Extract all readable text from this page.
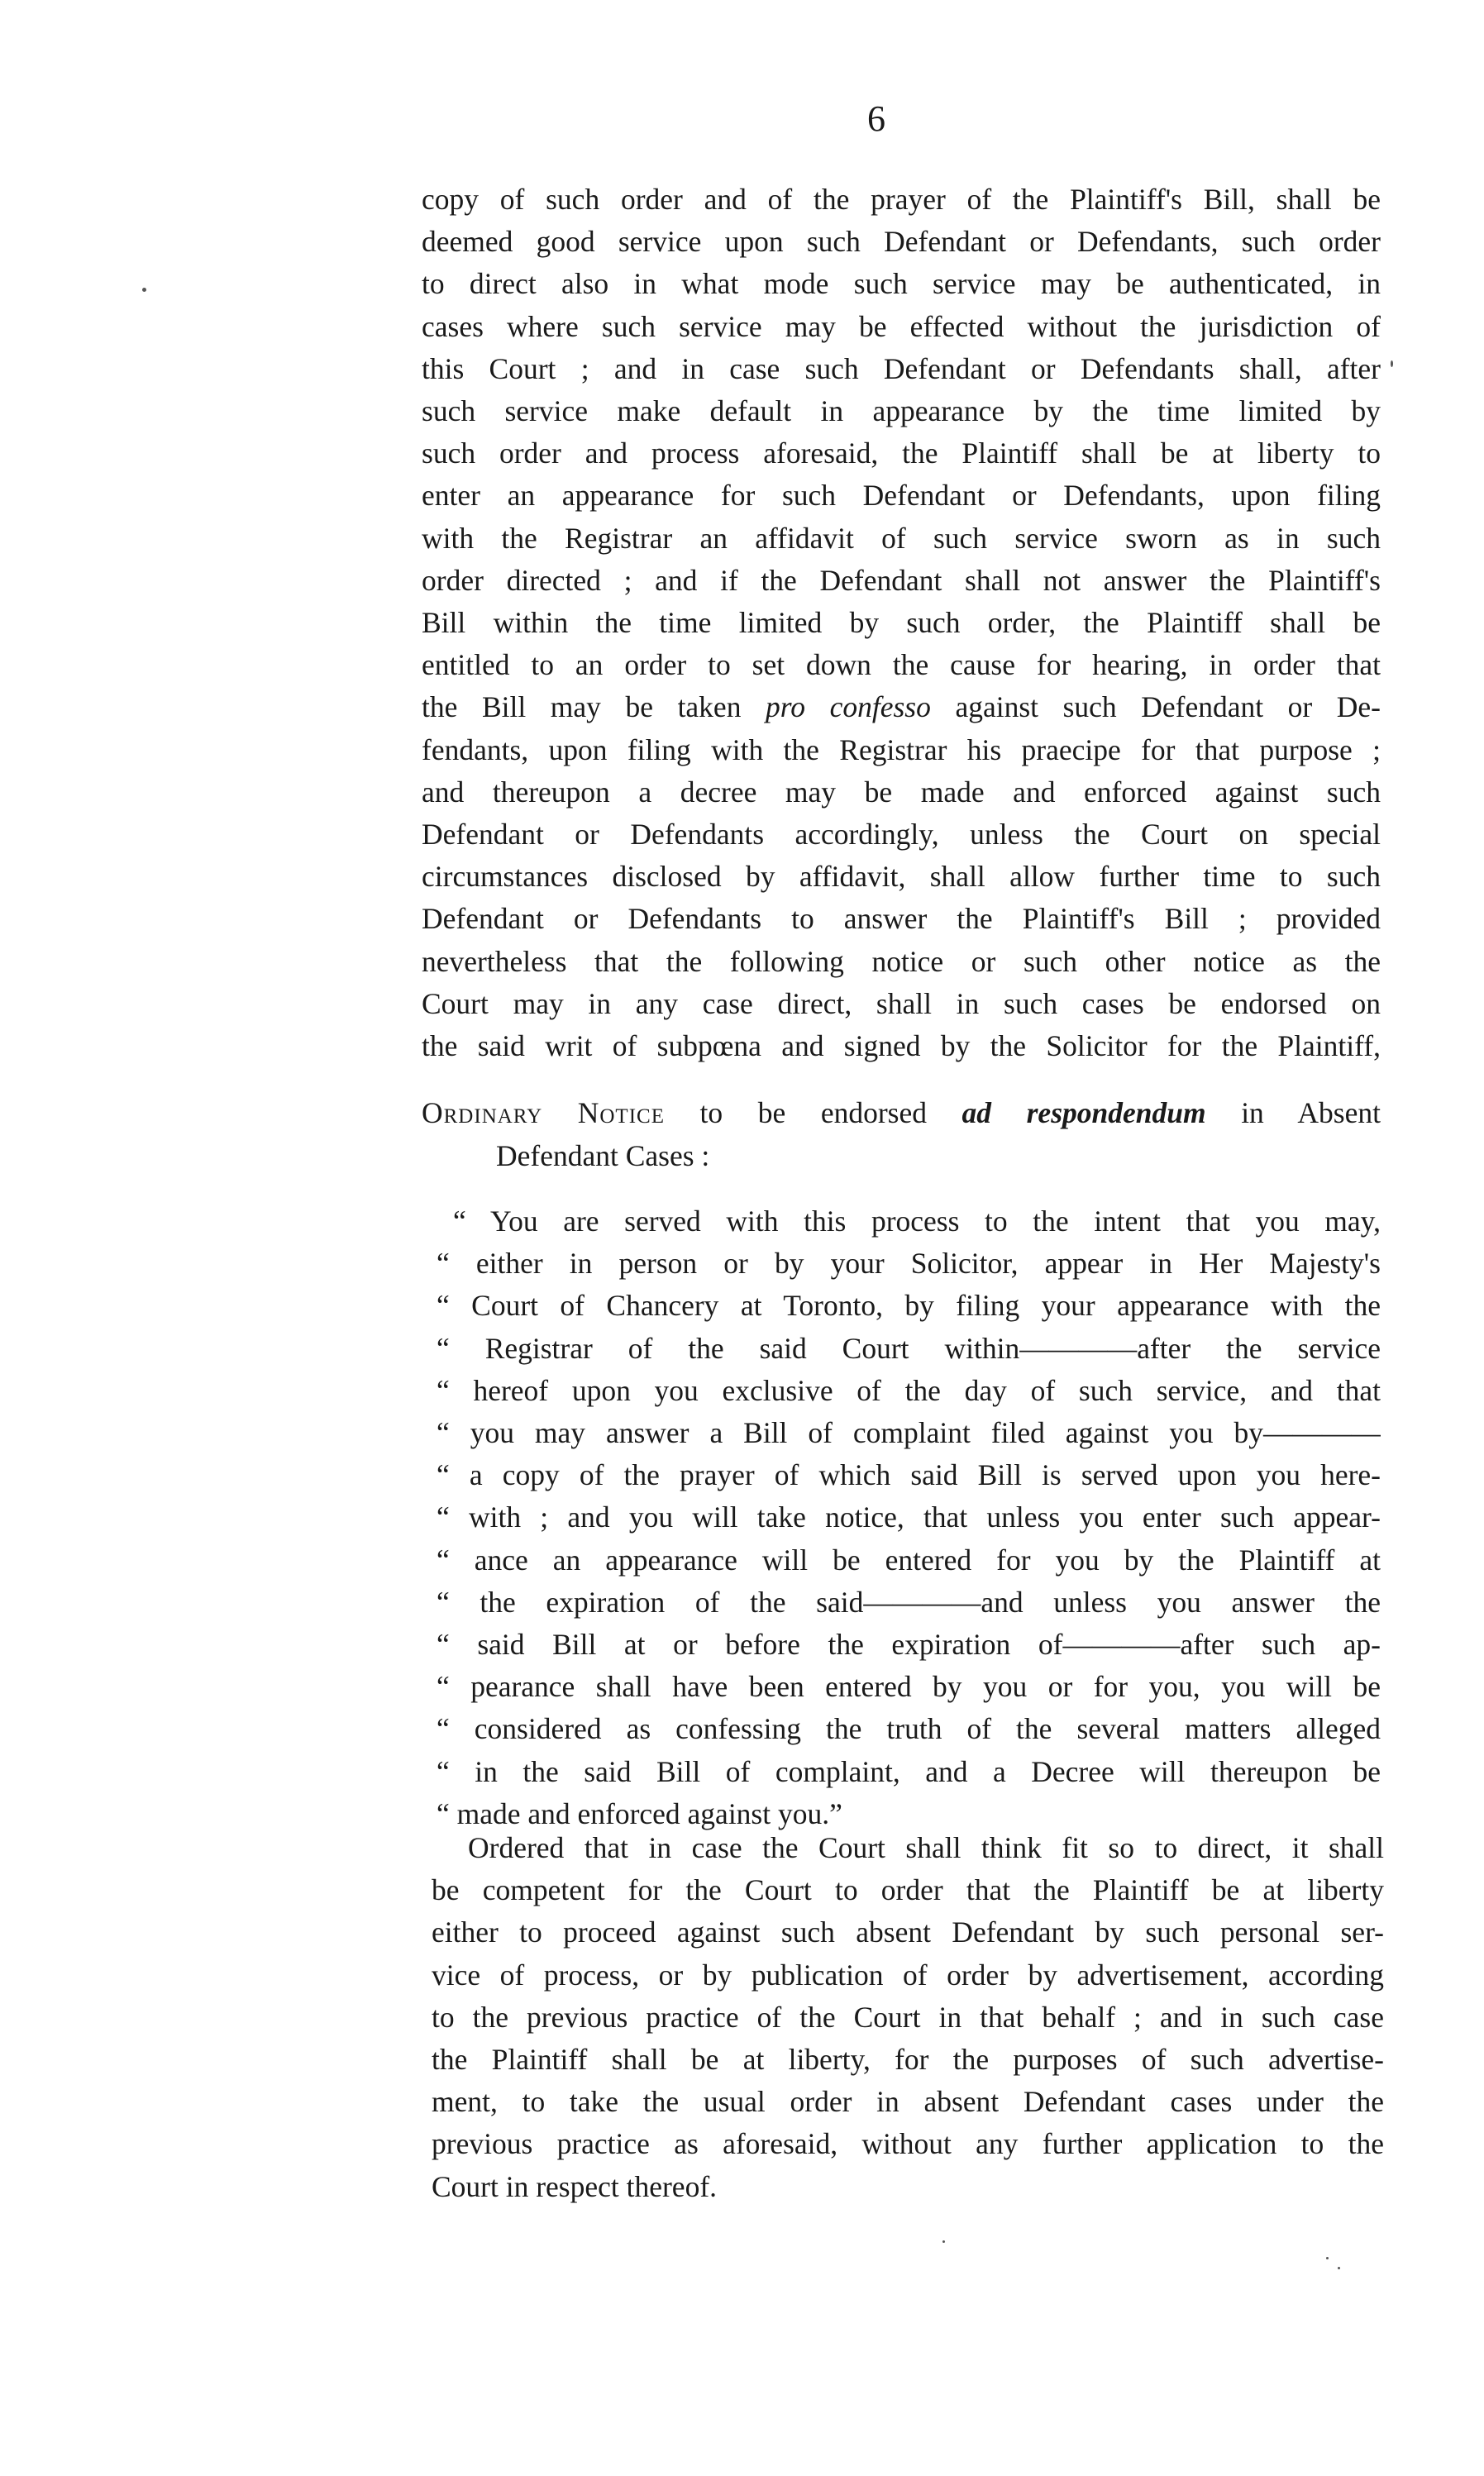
6
copy of such order and of the prayer of the Plaintiff's Bill, shall be
deemed good service upon such Defendant or Defendants, such order
to direct also in what mode such service may be authenticated, in
cases where such service may be effected without the jurisdiction of
this Court ; and in case such Defendant or Defendants shall, after
such service make default in appearance by the time limited by
such order and process aforesaid, the Plaintiff shall be at liberty to
enter an appearance for such Defendant or Defendants, upon filing
with the Registrar an affidavit of such service sworn as in such
order directed ; and if the Defendant shall not answer the Plaintiff's
Bill within the time limited by such order, the Plaintiff shall be
entitled to an order to set down the cause for hearing, in order that
the Bill may be taken pro confesso against such Defendant or De-
fendants, upon filing with the Registrar his praecipe for that purpose ;
and thereupon a decree may be made and enforced against such
Defendant or Defendants accordingly, unless the Court on special
circumstances disclosed by affidavit, shall allow further time to such
Defendant or Defendants to answer the Plaintiff's Bill ; provided
nevertheless that the following notice or such other notice as the
Court may in any case direct, shall in such cases be endorsed on
the said writ of subpœna and signed by the Solicitor for the Plaintiff,
Ordinary Notice to be endorsed ad respondendum in Absent
Defendant Cases :
“ You are served with this process to the intent that you may,
“ either in person or by your Solicitor, appear in Her Majesty's
“ Court of Chancery at Toronto, by filing your appearance with the
“ Registrar of the said Court within————after the service
“ hereof upon you exclusive of the day of such service, and that
“ you may answer a Bill of complaint filed against you by————
“ a copy of the prayer of which said Bill is served upon you here-
“ with ; and you will take notice, that unless you enter such appear-
“ ance an appearance will be entered for you by the Plaintiff at
“ the expiration of the said————and unless you answer the
“ said Bill at or before the expiration of————after such ap-
“ pearance shall have been entered by you or for you, you will be
“ considered as confessing the truth of the several matters alleged
“ in the said Bill of complaint, and a Decree will thereupon be
“ made and enforced against you.”
Ordered that in case the Court shall think fit so to direct, it shall
be competent for the Court to order that the Plaintiff be at liberty
either to proceed against such absent Defendant by such personal ser-
vice of process, or by publication of order by advertisement, according
to the previous practice of the Court in that behalf ; and in such case
the Plaintiff shall be at liberty, for the purposes of such advertise-
ment, to take the usual order in absent Defendant cases under the
previous practice as aforesaid, without any further application to the
Court in respect thereof.
